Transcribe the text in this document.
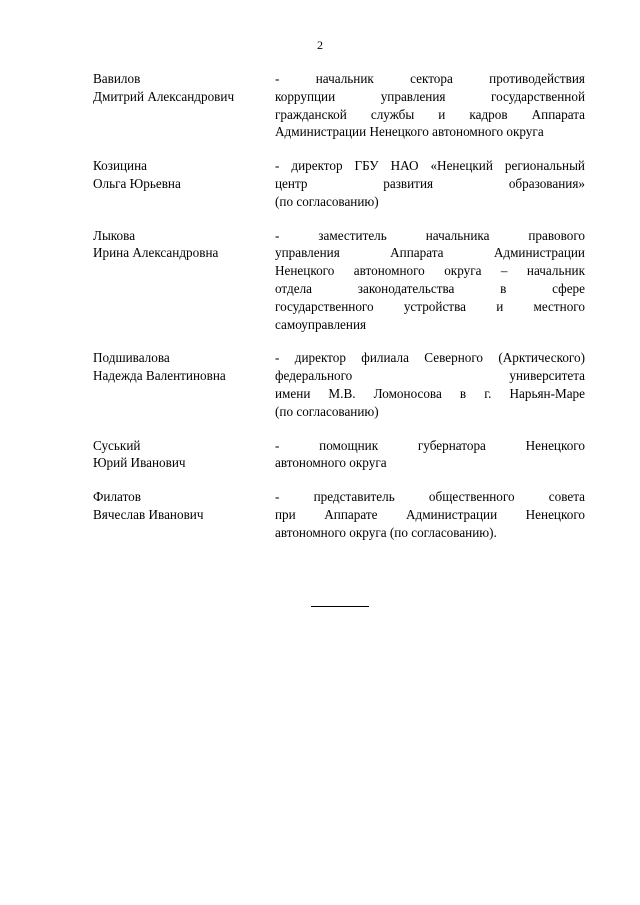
2
Вавилов
Дмитрий Александрович
- начальник сектора противодействия
коррупции управления государственной
гражданской службы и кадров Аппарата
Администрации Ненецкого автономного округа
Козицина
Ольга Юрьевна
- директор ГБУ НАО «Ненецкий региональный
центр развития образования»
(по согласованию)
Лыкова
Ирина Александровна
- заместитель начальника правового
управления Аппарата Администрации
Ненецкого автономного округа – начальник
отдела законодательства в сфере
государственного устройства и местного
самоуправления
Подшивалова
Надежда Валентиновна
- директор филиала Северного (Арктического)
федерального университета
имени М.В. Ломоносова в г. Нарьян-Маре
(по согласованию)
Суський
Юрий Иванович
- помощник губернатора Ненецкого
автономного округа
Филатов
Вячеслав Иванович
- представитель общественного совета
при Аппарате Администрации Ненецкого
автономного округа (по согласованию).
